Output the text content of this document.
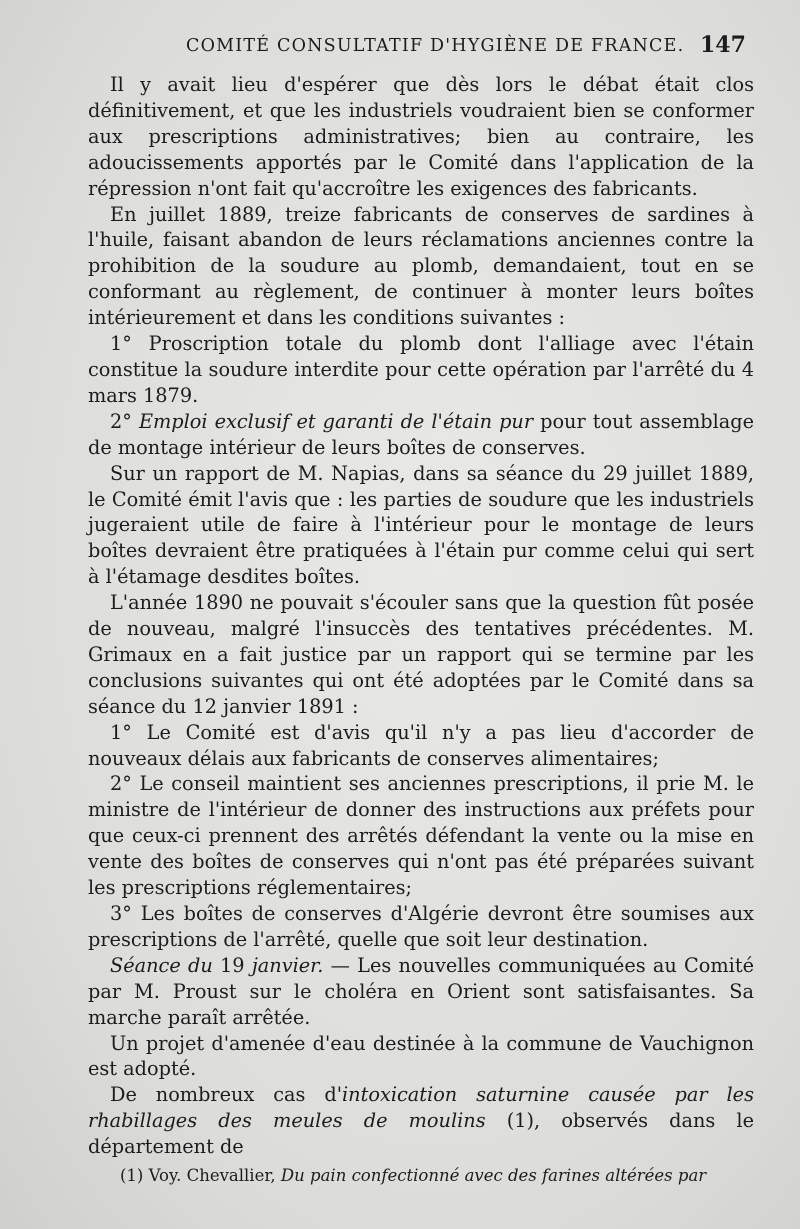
COMITÉ CONSULTATIF D'HYGIÈNE DE FRANCE. 147

Il y avait lieu d'espérer que dès lors le débat était clos définitivement, et que les industriels voudraient bien se conformer aux prescriptions administratives; bien au contraire, les adoucissements apportés par le Comité dans l'application de la répression n'ont fait qu'accroître les exigences des fabricants.

En juillet 1889, treize fabricants de conserves de sardines à l'huile, faisant abandon de leurs réclamations anciennes contre la prohibition de la soudure au plomb, demandaient, tout en se conformant au règlement, de continuer à monter leurs boîtes intérieurement et dans les conditions suivantes :

1° Proscription totale du plomb dont l'alliage avec l'étain constitue la soudure interdite pour cette opération par l'arrêté du 4 mars 1879.

2° Emploi exclusif et garanti de l'étain pur pour tout assemblage de montage intérieur de leurs boîtes de conserves.

Sur un rapport de M. Napias, dans sa séance du 29 juillet 1889, le Comité émit l'avis que : les parties de soudure que les industriels jugeraient utile de faire à l'intérieur pour le montage de leurs boîtes devraient être pratiquées à l'étain pur comme celui qui sert à l'étamage desdites boîtes.

L'année 1890 ne pouvait s'écouler sans que la question fût posée de nouveau, malgré l'insuccès des tentatives précédentes. M. Grimaux en a fait justice par un rapport qui se termine par les conclusions suivantes qui ont été adoptées par le Comité dans sa séance du 12 janvier 1891 :

1° Le Comité est d'avis qu'il n'y a pas lieu d'accorder de nouveaux délais aux fabricants de conserves alimentaires;

2° Le conseil maintient ses anciennes prescriptions, il prie M. le ministre de l'intérieur de donner des instructions aux préfets pour que ceux-ci prennent des arrêtés défendant la vente ou la mise en vente des boîtes de conserves qui n'ont pas été préparées suivant les prescriptions réglementaires;

3° Les boîtes de conserves d'Algérie devront être soumises aux prescriptions de l'arrêté, quelle que soit leur destination.

Séance du 19 janvier. — Les nouvelles communiquées au Comité par M. Proust sur le choléra en Orient sont satisfaisantes. Sa marche paraît arrêtée.

Un projet d'amenée d'eau destinée à la commune de Vauchignon est adopté.

De nombreux cas d'intoxication saturnine causée par les rhabillages des meules de moulins (1), observés dans le département de

(1) Voy. Chevallier, Du pain confectionné avec des farines altérées par
